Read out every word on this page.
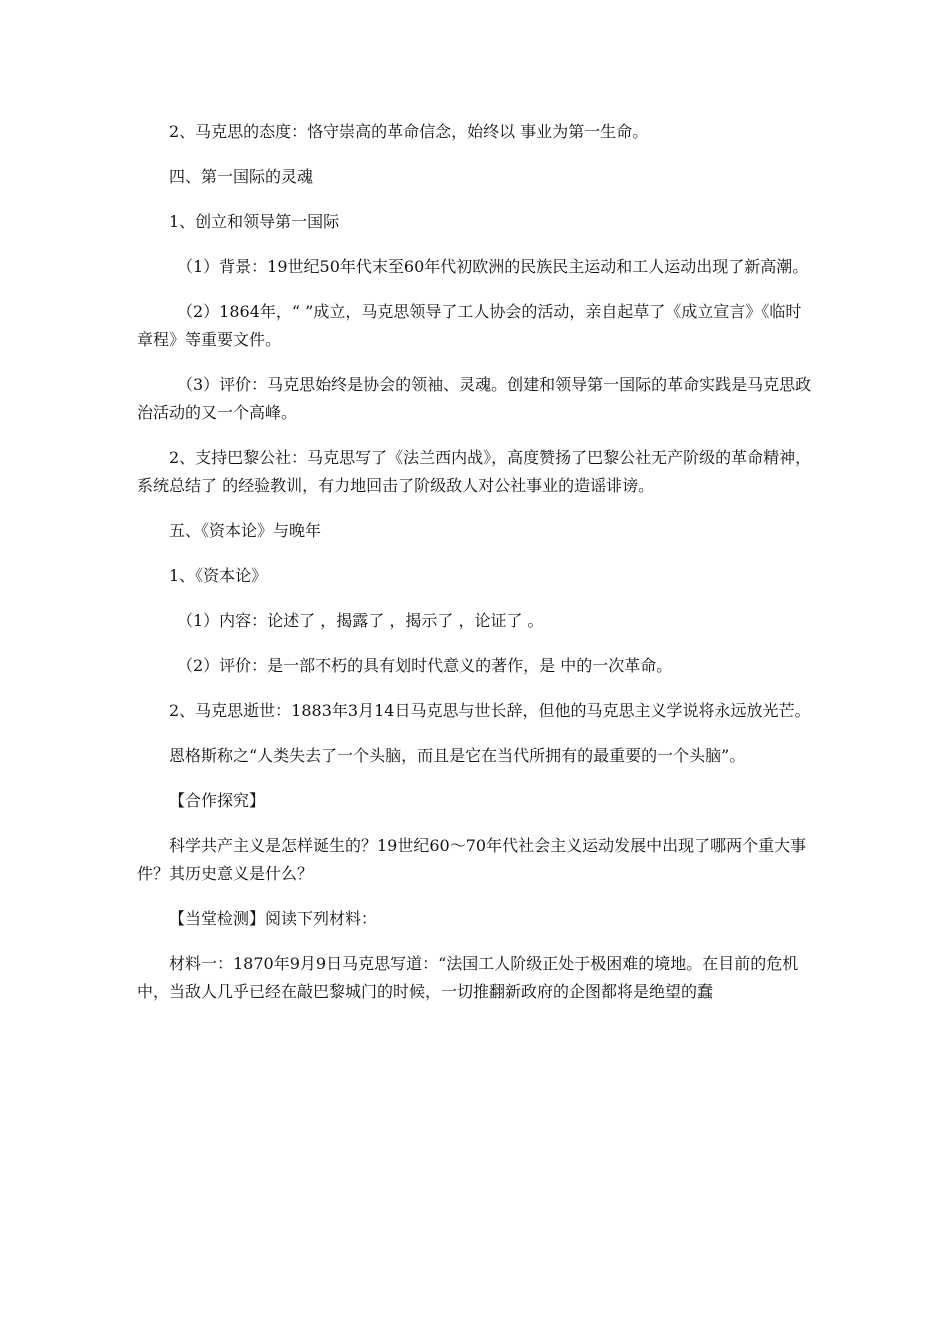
2、马克思的态度：恪守崇高的革命信念，始终以 事业为第一生命。

四、第一国际的灵魂

1、创立和领导第一国际

（1）背景：19世纪50年代末至60年代初欧洲的民族民主运动和工人运动出现了新高潮。

（2）1864年，“ ”成立，马克思领导了工人协会的活动，亲自起草了《成立宣言》《临时章程》等重要文件。

（3）评价：马克思始终是协会的领袖、灵魂。创建和领导第一国际的革命实践是马克思政治活动的又一个高峰。

2、支持巴黎公社：马克思写了《法兰西内战》，高度赞扬了巴黎公社无产阶级的革命精神，系统总结了 的经验教训，有力地回击了阶级敌人对公社事业的造谣诽谤。

五、《资本论》与晚年

1、《资本论》

（1）内容：论述了 ，揭露了 ，揭示了 ，论证了 。

（2）评价：是一部不朽的具有划时代意义的著作，是 中的一次革命。

2、马克思逝世：1883年3月14日马克思与世长辞，但他的马克思主义学说将永远放光芒。

恩格斯称之“人类失去了一个头脑，而且是它在当代所拥有的最重要的一个头脑”。

【合作探究】

科学共产主义是怎样诞生的？19世纪60～70年代社会主义运动发展中出现了哪两个重大事件？其历史意义是什么？

【当堂检测】阅读下列材料：

材料一：1870年9月9日马克思写道：“法国工人阶级正处于极困难的境地。在目前的危机中，当敌人几乎已经在敲巴黎城门的时候，一切推翻新政府的企图都将是绝望的蠢
